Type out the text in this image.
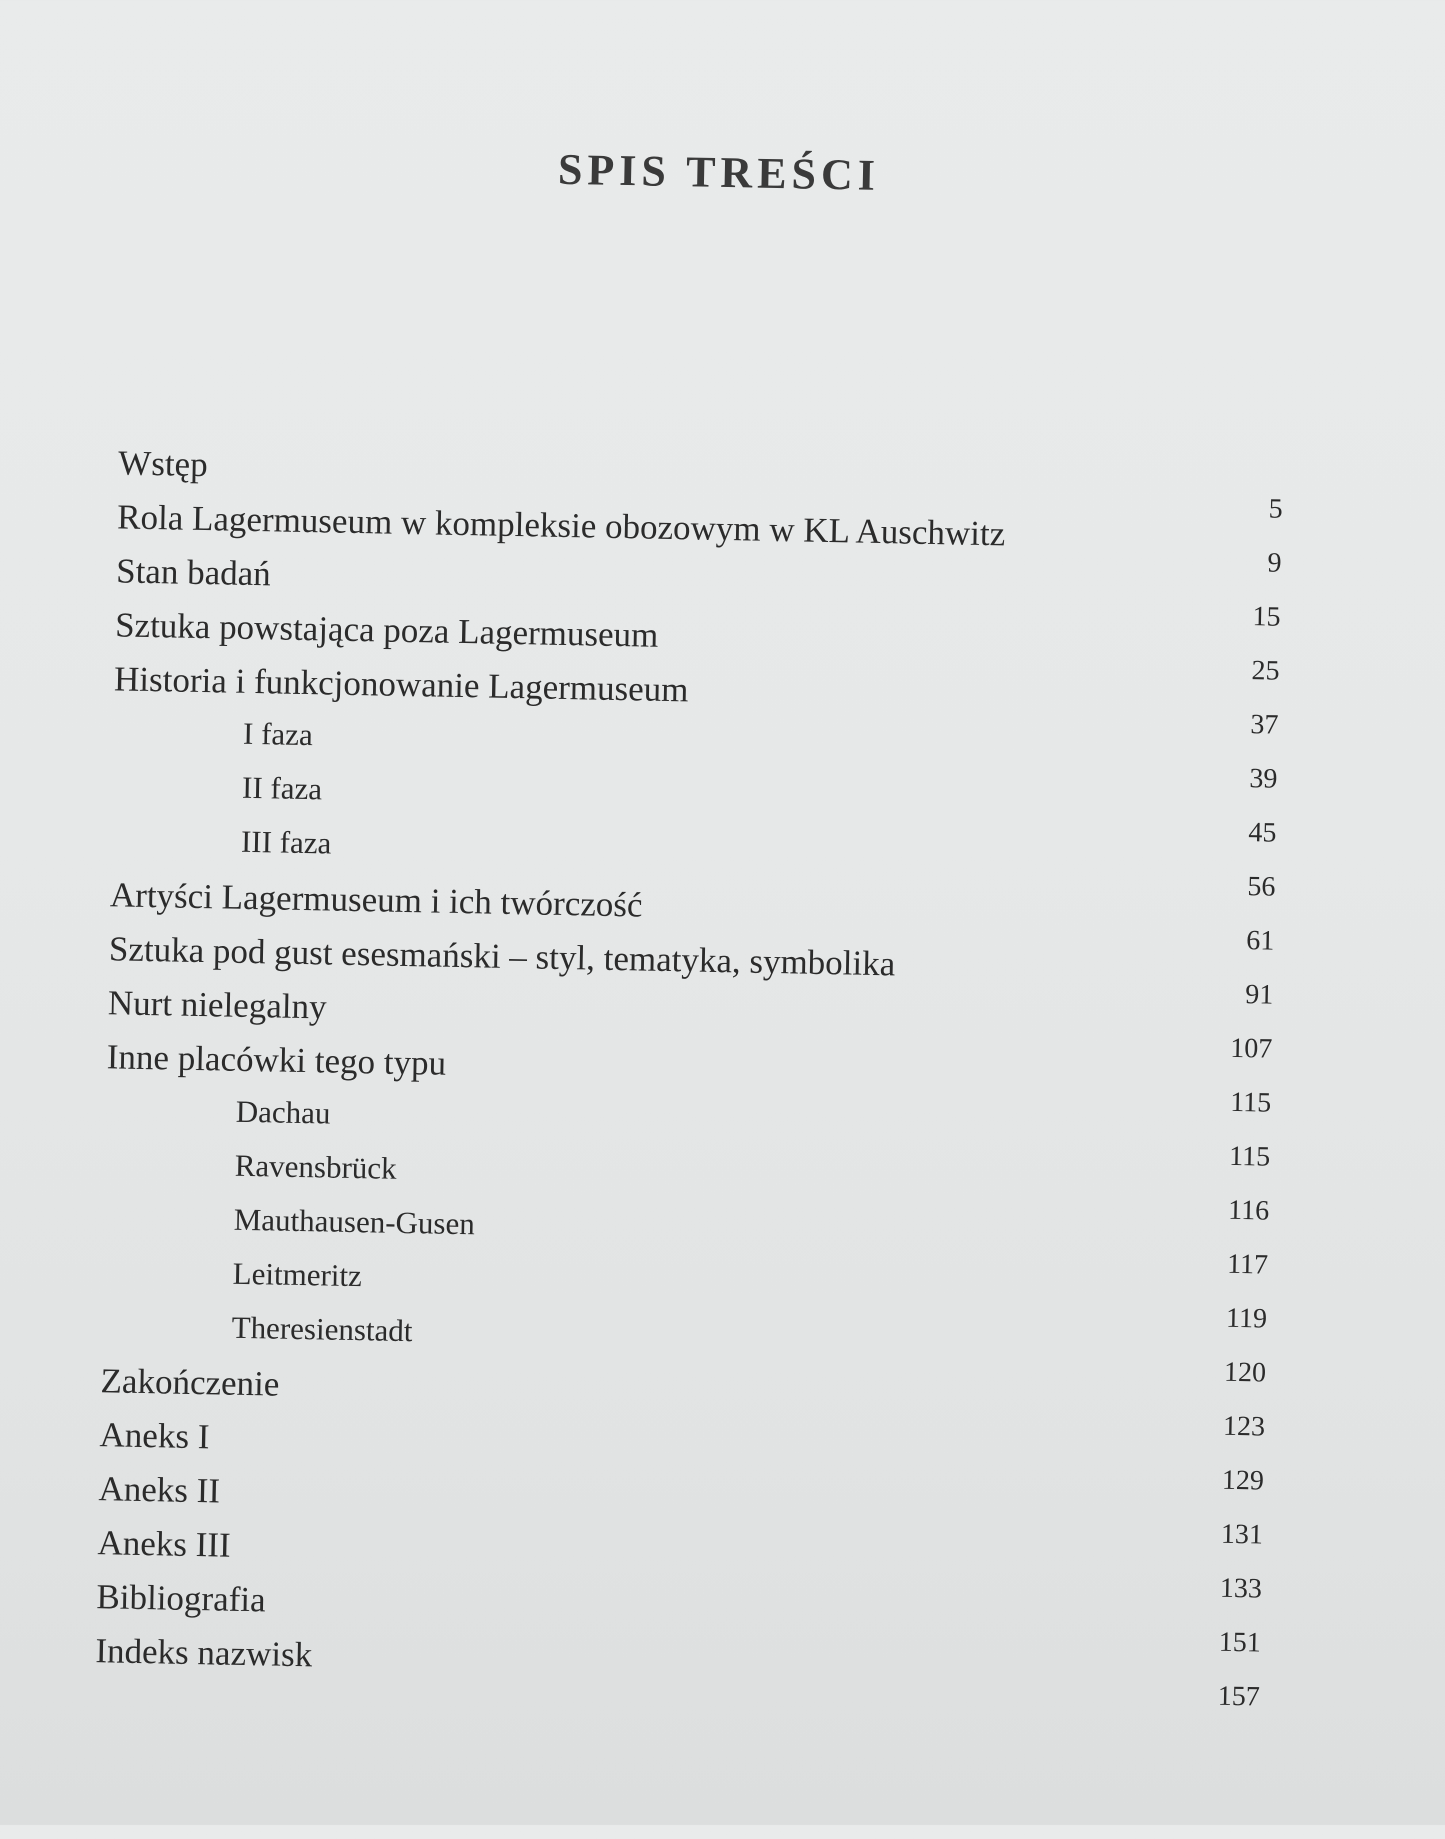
SPIS TREŚCI
Wstęp
5
Rola Lagermuseum w kompleksie obozowym w KL Auschwitz
9
Stan badań
15
Sztuka powstająca poza Lagermuseum
25
Historia i funkcjonowanie Lagermuseum
37
I faza
39
II faza
45
III faza
56
Artyści Lagermuseum i ich twórczość
61
Sztuka pod gust esesmański – styl, tematyka, symbolika
91
Nurt nielegalny
107
Inne placówki tego typu
115
Dachau
115
Ravensbrück
116
Mauthausen-Gusen
117
Leitmeritz
119
Theresienstadt
120
Zakończenie
123
Aneks I
129
Aneks II
131
Aneks III
133
Bibliografia
151
Indeks nazwisk
157
